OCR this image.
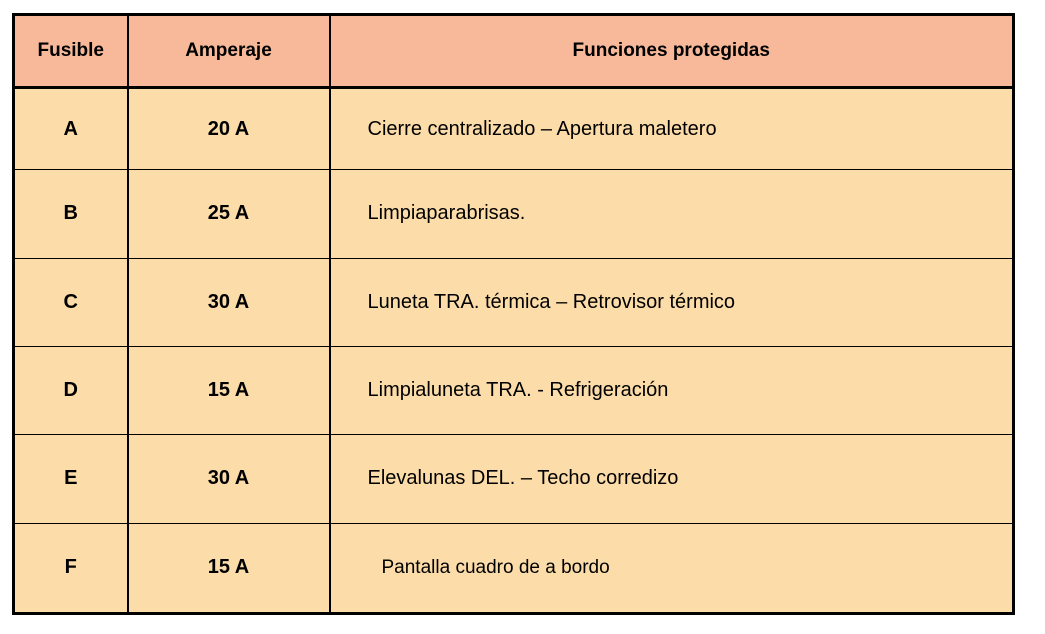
Fusible	Amperaje	Funciones protegidas
A	20 A	Cierre centralizado – Apertura maletero
B	25 A	Limpiaparabrisas.
C	30 A	Luneta TRA. térmica – Retrovisor térmico
D	15 A	Limpialuneta TRA. - Refrigeración
E	30 A	Elevalunas DEL. – Techo corredizo
F	15 A	Pantalla cuadro de a bordo
